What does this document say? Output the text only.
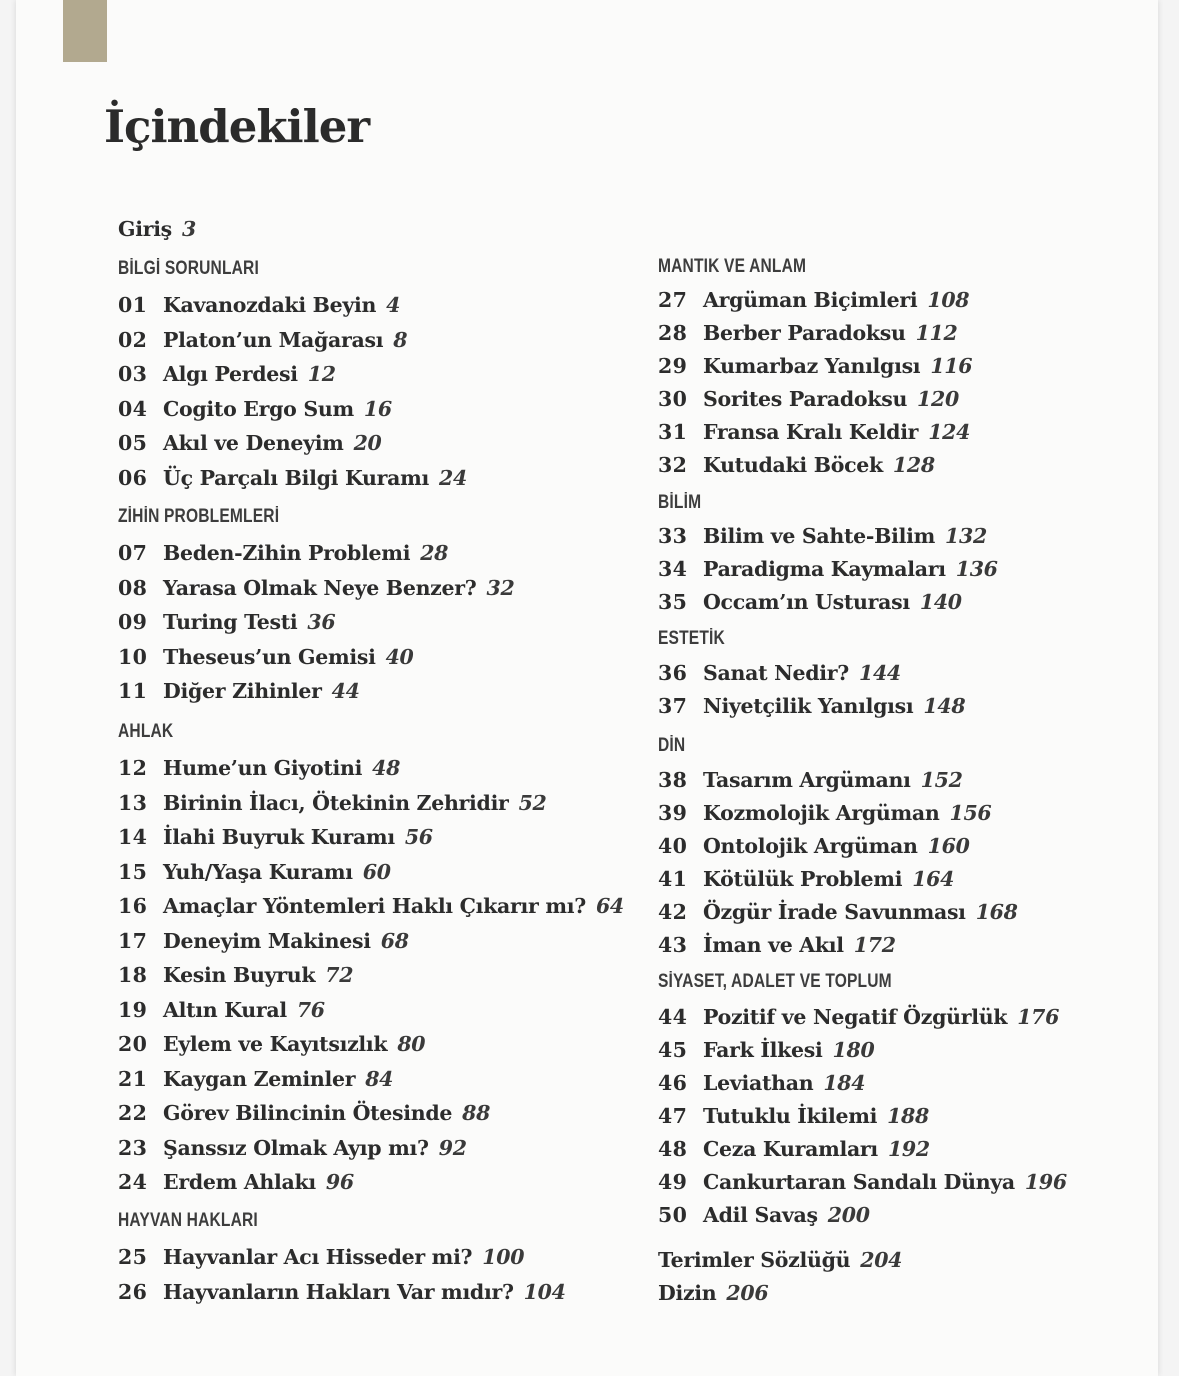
İçindekiler
Giriş 3
BİLGİ SORUNLARI
01 Kavanozdaki Beyin 4
02 Platon’un Mağarası 8
03 Algı Perdesi 12
04 Cogito Ergo Sum 16
05 Akıl ve Deneyim 20
06 Üç Parçalı Bilgi Kuramı 24
ZİHİN PROBLEMLERİ
07 Beden-Zihin Problemi 28
08 Yarasa Olmak Neye Benzer? 32
09 Turing Testi 36
10 Theseus’un Gemisi 40
11 Diğer Zihinler 44
AHLAK
12 Hume’un Giyotini 48
13 Birinin İlacı, Ötekinin Zehridir 52
14 İlahi Buyruk Kuramı 56
15 Yuh/Yaşa Kuramı 60
16 Amaçlar Yöntemleri Haklı Çıkarır mı? 64
17 Deneyim Makinesi 68
18 Kesin Buyruk 72
19 Altın Kural 76
20 Eylem ve Kayıtsızlık 80
21 Kaygan Zeminler 84
22 Görev Bilincinin Ötesinde 88
23 Şanssız Olmak Ayıp mı? 92
24 Erdem Ahlakı 96
HAYVAN HAKLARI
25 Hayvanlar Acı Hisseder mi? 100
26 Hayvanların Hakları Var mıdır? 104
MANTIK VE ANLAM
27 Argüman Biçimleri 108
28 Berber Paradoksu 112
29 Kumarbaz Yanılgısı 116
30 Sorites Paradoksu 120
31 Fransa Kralı Keldir 124
32 Kutudaki Böcek 128
BİLİM
33 Bilim ve Sahte-Bilim 132
34 Paradigma Kaymaları 136
35 Occam’ın Usturası 140
ESTETİK
36 Sanat Nedir? 144
37 Niyetçilik Yanılgısı 148
DİN
38 Tasarım Argümanı 152
39 Kozmolojik Argüman 156
40 Ontolojik Argüman 160
41 Kötülük Problemi 164
42 Özgür İrade Savunması 168
43 İman ve Akıl 172
SİYASET, ADALET VE TOPLUM
44 Pozitif ve Negatif Özgürlük 176
45 Fark İlkesi 180
46 Leviathan 184
47 Tutuklu İkilemi 188
48 Ceza Kuramları 192
49 Cankurtaran Sandalı Dünya 196
50 Adil Savaş 200
Terimler Sözlüğü 204
Dizin 206
